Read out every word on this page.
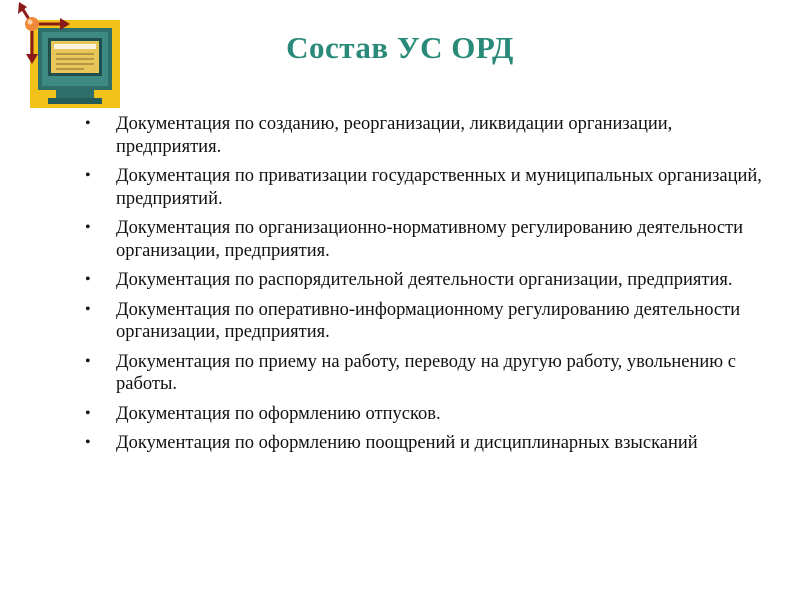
Состав УС ОРД
• Документация по созданию, реорганизации, ликвидации организации, предприятия.
• Документация по приватизации государственных и муниципальных организаций, предприятий.
• Документация по организационно-нормативному регулированию деятельности организации, предприятия.
• Документация по распорядительной деятельности организации, предприятия.
• Документация по оперативно-информационному регулированию деятельности организации, предприятия.
• Документация по приему на работу, переводу на другую работу, увольнению с работы.
• Документация по оформлению отпусков.
• Документация по оформлению поощрений и дисциплинарных взысканий
